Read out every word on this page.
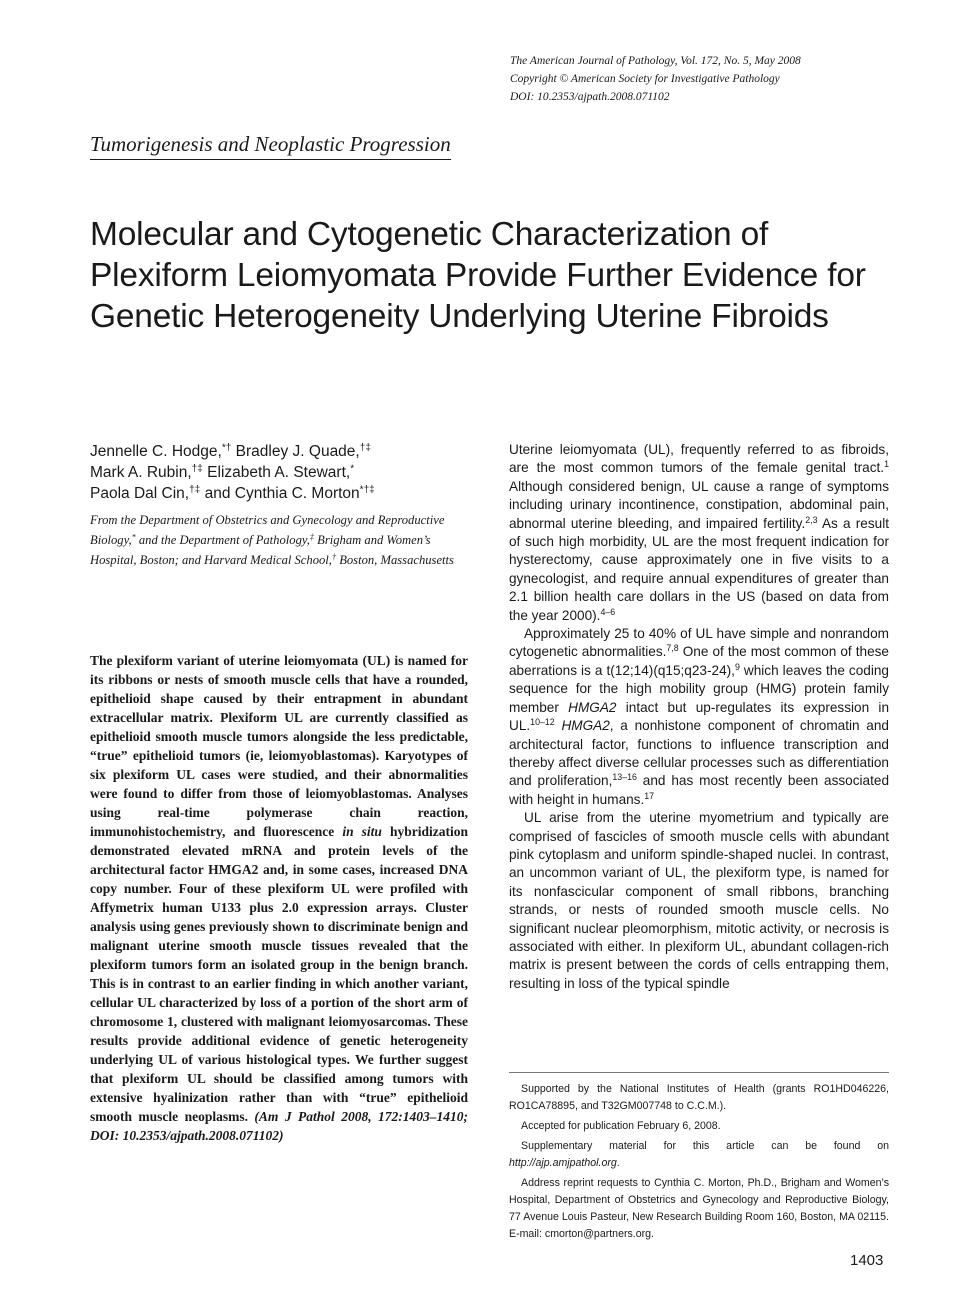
The American Journal of Pathology, Vol. 172, No. 5, May 2008
Copyright © American Society for Investigative Pathology
DOI: 10.2353/ajpath.2008.071102
Tumorigenesis and Neoplastic Progression
Molecular and Cytogenetic Characterization of
Plexiform Leiomyomata Provide Further Evidence for
Genetic Heterogeneity Underlying Uterine Fibroids
Jennelle C. Hodge,*† Bradley J. Quade,†‡
Mark A. Rubin,†‡ Elizabeth A. Stewart,*
Paola Dal Cin,†‡ and Cynthia C. Morton*†‡
From the Department of Obstetrics and Gynecology and Reproductive Biology,* and the Department of Pathology,‡ Brigham and Women’s Hospital, Boston; and Harvard Medical School,† Boston, Massachusetts
The plexiform variant of uterine leiomyomata (UL) is named for its ribbons or nests of smooth muscle cells that have a rounded, epithelioid shape caused by their entrapment in abundant extracellular matrix. Plexiform UL are currently classified as epithelioid smooth muscle tumors alongside the less predictable, “true” epithelioid tumors (ie, leiomyoblastomas). Karyotypes of six plexiform UL cases were studied, and their abnormalities were found to differ from those of leiomyoblastomas. Analyses using real-time polymerase chain reaction, immunohistochemistry, and fluorescence in situ hybridization demonstrated elevated mRNA and protein levels of the architectural factor HMGA2 and, in some cases, increased DNA copy number. Four of these plexiform UL were profiled with Affymetrix human U133 plus 2.0 expression arrays. Cluster analysis using genes previously shown to discriminate benign and malignant uterine smooth muscle tissues revealed that the plexiform tumors form an isolated group in the benign branch. This is in contrast to an earlier finding in which another variant, cellular UL characterized by loss of a portion of the short arm of chromosome 1, clustered with malignant leiomyosarcomas. These results provide additional evidence of genetic heterogeneity underlying UL of various histological types. We further suggest that plexiform UL should be classified among tumors with extensive hyalinization rather than with “true” epithelioid smooth muscle neoplasms. (Am J Pathol 2008, 172:1403–1410; DOI: 10.2353/ajpath.2008.071102)

Uterine leiomyomata (UL), frequently referred to as fibroids, are the most common tumors of the female genital tract.$^1$ Although considered benign, UL cause a range of symptoms including urinary incontinence, constipation, abdominal pain, abnormal uterine bleeding, and impaired fertility.$^{2,3}$ As a result of such high morbidity, UL are the most frequent indication for hysterectomy, cause approximately one in five visits to a gynecologist, and require annual expenditures of greater than 2.1 billion health care dollars in the US (based on data from the year 2000).$^{4-6}$

Approximately 25 to 40% of UL have simple and nonrandom cytogenetic abnormalities.$^{7,8}$ One of the most common of these aberrations is a t(12;14)(q15;q23-24),$^9$ which leaves the coding sequence for the high mobility group (HMG) protein family member HMGA2 intact but up-regulates its expression in UL.$^{10-12}$ HMGA2, a nonhistone component of chromatin and architectural factor, functions to influence transcription and thereby affect diverse cellular processes such as differentiation and proliferation,$^{13-16}$ and has most recently been associated with height in humans.$^{17}$

UL arise from the uterine myometrium and typically are comprised of fascicles of smooth muscle cells with abundant pink cytoplasm and uniform spindle-shaped nuclei. In contrast, an uncommon variant of UL, the plexiform type, is named for its nonfascicular component of small ribbons, branching strands, or nests of rounded smooth muscle cells. No significant nuclear pleomorphism, mitotic activity, or necrosis is associated with either. In plexiform UL, abundant collagen-rich matrix is present between the cords of cells entrapping them, resulting in loss of the typical spindle

Supported by the National Institutes of Health (grants RO1HD046226, RO1CA78895, and T32GM007748 to C.C.M.).

Accepted for publication February 6, 2008.

Supplementary material for this article can be found on http://ajp.amjpathol.org.

Address reprint requests to Cynthia C. Morton, Ph.D., Brigham and Women’s Hospital, Department of Obstetrics and Gynecology and Reproductive Biology, 77 Avenue Louis Pasteur, New Research Building Room 160, Boston, MA 02115. E-mail: cmorton@partners.org.

1403
